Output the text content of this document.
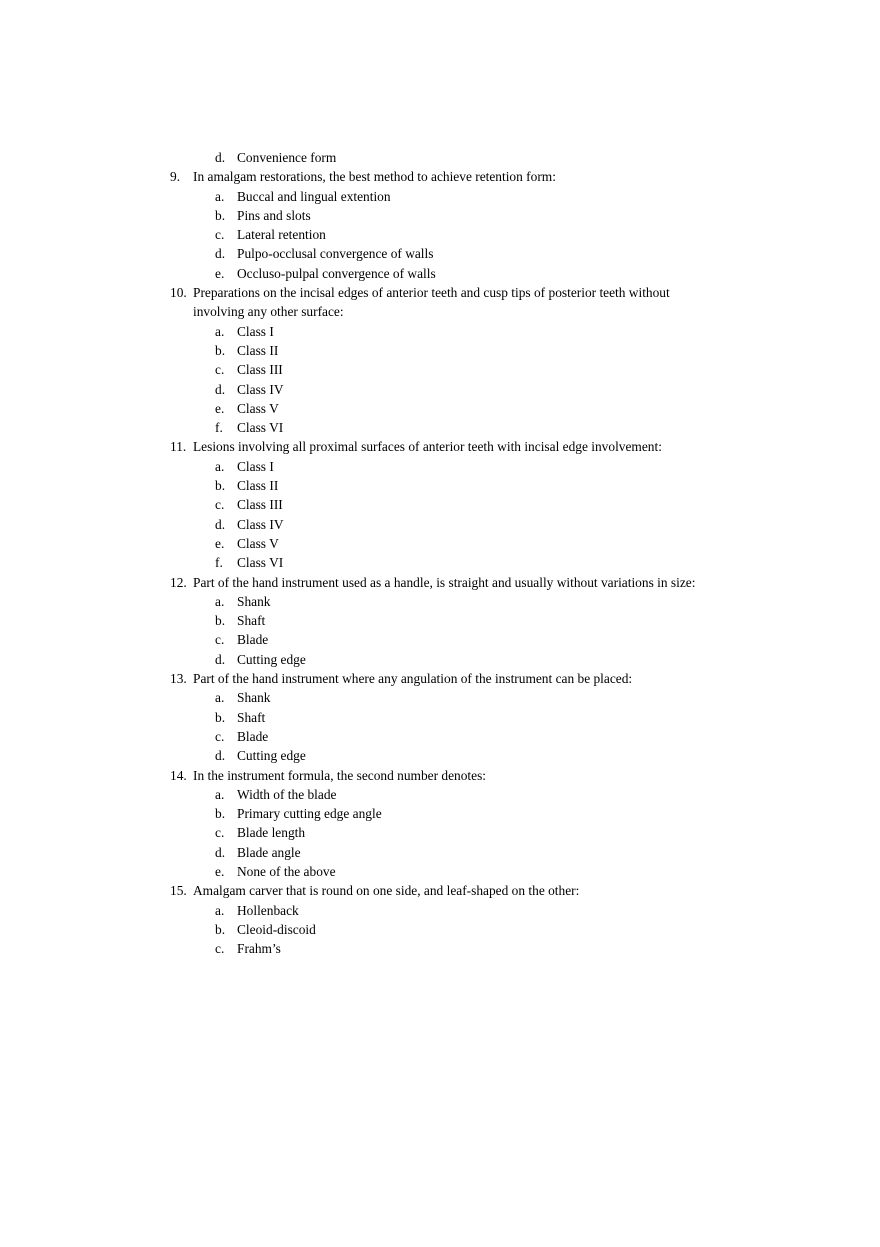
d. Convenience form
9. In amalgam restorations, the best method to achieve retention form:
a. Buccal and lingual extention
b. Pins and slots
c. Lateral retention
d. Pulpo-occlusal convergence of walls
e. Occluso-pulpal convergence of walls
10. Preparations on the incisal edges of anterior teeth and cusp tips of posterior teeth without
involving any other surface:
a. Class I
b. Class II
c. Class III
d. Class IV
e. Class V
f. Class VI
11. Lesions involving all proximal surfaces of anterior teeth with incisal edge involvement:
a. Class I
b. Class II
c. Class III
d. Class IV
e. Class V
f. Class VI
12. Part of the hand instrument used as a handle, is straight and usually without variations in size:
a. Shank
b. Shaft
c. Blade
d. Cutting edge
13. Part of the hand instrument where any angulation of the instrument can be placed:
a. Shank
b. Shaft
c. Blade
d. Cutting edge
14. In the instrument formula, the second number denotes:
a. Width of the blade
b. Primary cutting edge angle
c. Blade length
d. Blade angle
e. None of the above
15. Amalgam carver that is round on one side, and leaf-shaped on the other:
a. Hollenback
b. Cleoid-discoid
c. Frahm’s
